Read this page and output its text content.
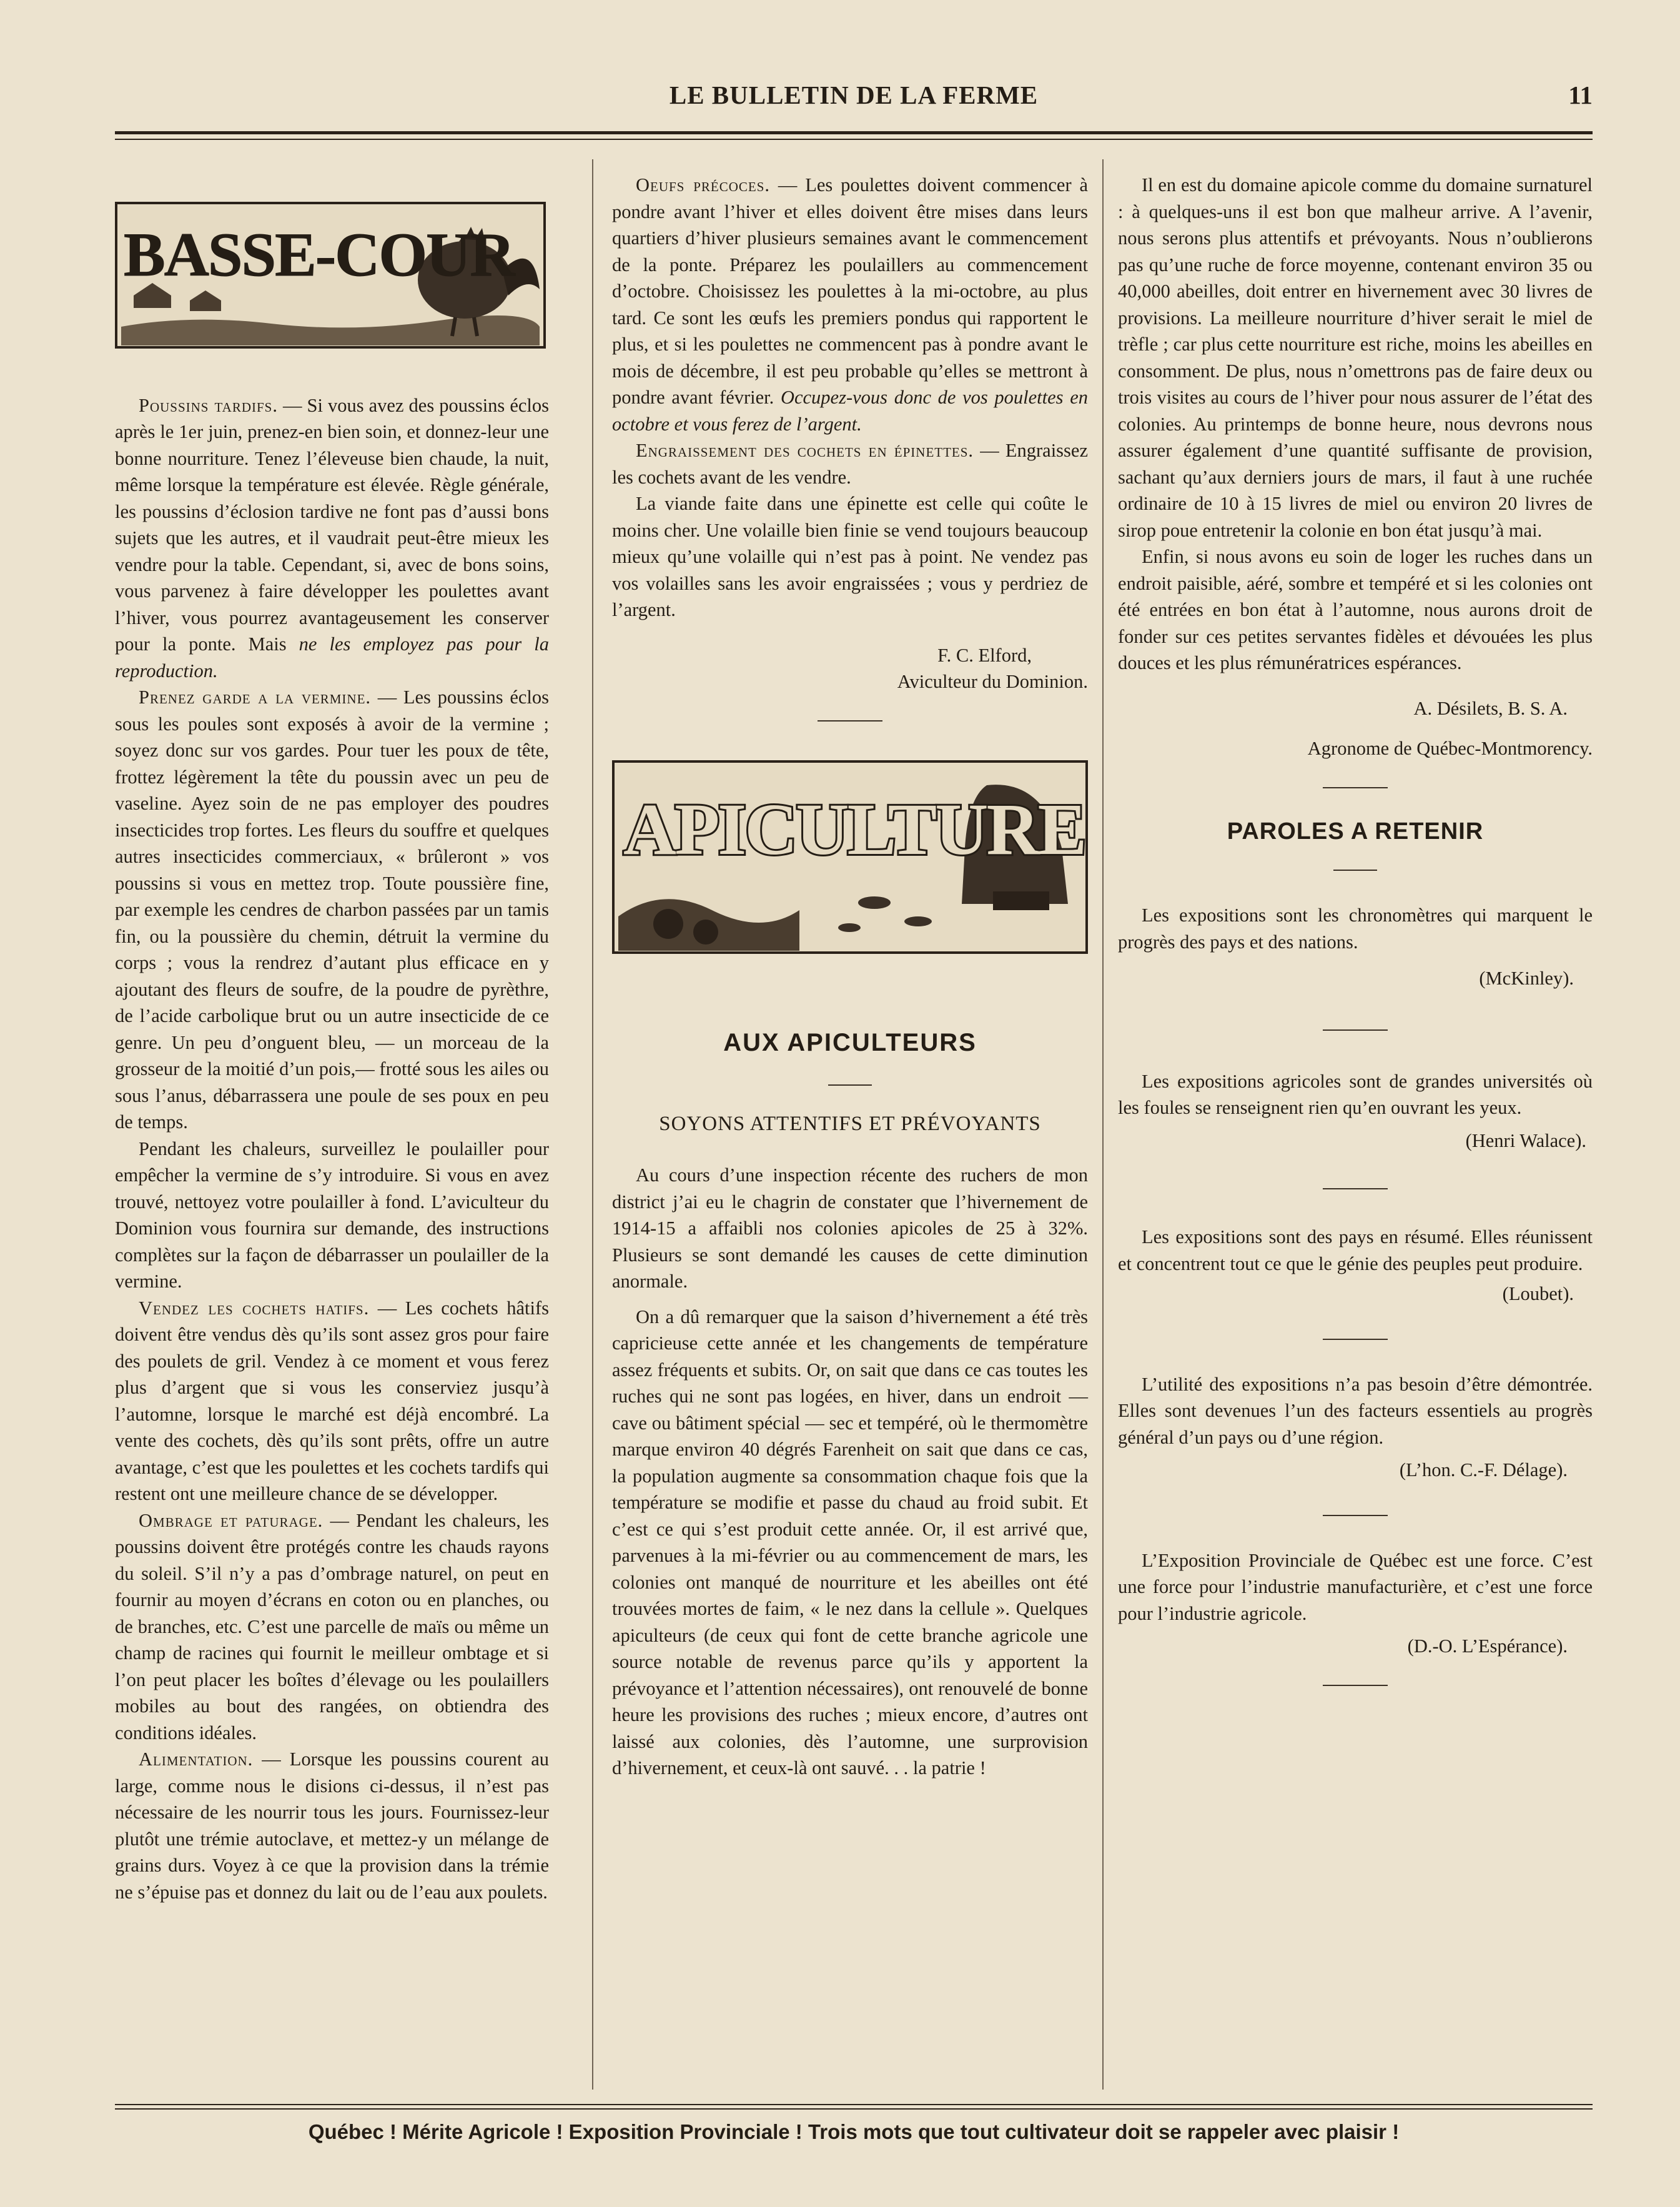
LE BULLETIN DE LA FERME	11
BASSE-COUR

Poussins tardifs. — Si vous avez des poussins éclos après le 1er juin, prenez-en bien soin, et donnez-leur une bonne nourriture. Tenez l’éleveuse bien chaude, la nuit, même lorsque la température est élevée. Règle générale, les poussins d’éclosion tardive ne font pas d’aussi bons sujets que les autres, et il vaudrait peut-être mieux les vendre pour la table. Cependant, si, avec de bons soins, vous parvenez à faire développer les poulettes avant l’hiver, vous pourrez avantageusement les conserver pour la ponte. Mais ne les employez pas pour la reproduction.

Prenez garde a la vermine. — Les poussins éclos sous les poules sont exposés à avoir de la vermine ; soyez donc sur vos gardes. Pour tuer les poux de tête, frottez légèrement la tête du poussin avec un peu de vaseline. Ayez soin de ne pas employer des poudres insecticides trop fortes. Les fleurs du souffre et quelques autres insecticides commerciaux, « brûleront » vos poussins si vous en mettez trop. Toute poussière fine, par exemple les cendres de charbon passées par un tamis fin, ou la poussière du chemin, détruit la vermine du corps ; vous la rendrez d’autant plus efficace en y ajoutant des fleurs de soufre, de la poudre de pyrèthre, de l’acide carbolique brut ou un autre insecticide de ce genre. Un peu d’onguent bleu, — un morceau de la grosseur de la moitié d’un pois,— frotté sous les ailes ou sous l’anus, débarrassera une poule de ses poux en peu de temps.

Pendant les chaleurs, surveillez le poulailler pour empêcher la vermine de s’y introduire. Si vous en avez trouvé, nettoyez votre poulailler à fond. L’aviculteur du Dominion vous fournira sur demande, des instructions complètes sur la façon de débarrasser un poulailler de la vermine.

Vendez les cochets hatifs. — Les cochets hâtifs doivent être vendus dès qu’ils sont assez gros pour faire des poulets de gril. Vendez à ce moment et vous ferez plus d’argent que si vous les conserviez jusqu’à l’automne, lorsque le marché est déjà encombré. La vente des cochets, dès qu’ils sont prêts, offre un autre avantage, c’est que les poulettes et les cochets tardifs qui restent ont une meilleure chance de se développer.

Ombrage et paturage. — Pendant les chaleurs, les poussins doivent être protégés contre les chauds rayons du soleil. S’il n’y a pas d’ombrage naturel, on peut en fournir au moyen d’écrans en coton ou en planches, ou de branches, etc. C’est une parcelle de maïs ou même un champ de racines qui fournit le meilleur ombtage et si l’on peut placer les boîtes d’élevage ou les poulaillers mobiles au bout des rangées, on obtiendra des conditions idéales.

Alimentation. — Lorsque les poussins courent au large, comme nous le disions ci-dessus, il n’est pas nécessaire de les nourrir tous les jours. Fournissez-leur plutôt une trémie autoclave, et mettez-y un mélange de grains durs. Voyez à ce que la provision dans la trémie ne s’épuise pas et donnez du lait ou de l’eau aux poulets.

Oeufs précoces. — Les poulettes doivent commencer à pondre avant l’hiver et elles doivent être mises dans leurs quartiers d’hiver plusieurs semaines avant le commencement de la ponte. Préparez les poulaillers au commencement d’octobre. Choisissez les poulettes à la mi-octobre, au plus tard. Ce sont les œufs les premiers pondus qui rapportent le plus, et si les poulettes ne commencent pas à pondre avant le mois de décembre, il est peu probable qu’elles se mettront à pondre avant février. Occupez-vous donc de vos poulettes en octobre et vous ferez de l’argent.

Engraissement des cochets en épinettes. — Engraissez les cochets avant de les vendre.

La viande faite dans une épinette est celle qui coûte le moins cher. Une volaille bien finie se vend toujours beaucoup mieux qu’une volaille qui n’est pas à point. Ne vendez pas vos volailles sans les avoir engraissées ; vous y perdriez de l’argent.

F. C. Elford,

Aviculteur du Dominion.

APICULTURE
AUX APICULTEURS
SOYONS ATTENTIFS ET PRÉVOYANTS

Au cours d’une inspection récente des ruchers de mon district j’ai eu le chagrin de constater que l’hivernement de 1914-15 a affaibli nos colonies apicoles de 25 à 32%. Plusieurs se sont demandé les causes de cette diminution anormale.

On a dû remarquer que la saison d’hivernement a été très capricieuse cette année et les changements de température assez fréquents et subits. Or, on sait que dans ce cas toutes les ruches qui ne sont pas logées, en hiver, dans un endroit — cave ou bâtiment spécial — sec et tempéré, où le thermomètre marque environ 40 dégrés Farenheit on sait que dans ce cas, la population augmente sa consommation chaque fois que la température se modifie et passe du chaud au froid subit. Et c’est ce qui s’est produit cette année. Or, il est arrivé que, parvenues à la mi-février ou au commencement de mars, les colonies ont manqué de nourriture et les abeilles ont été trouvées mortes de faim, « le nez dans la cellule ». Quelques apiculteurs (de ceux qui font de cette branche agricole une source notable de revenus parce qu’ils y apportent la prévoyance et l’attention nécessaires), ont renouvelé de bonne heure les provisions des ruches ; mieux encore, d’autres ont laissé aux colonies, dès l’automne, une surprovision d’hivernement, et ceux-là ont sauvé. . . la patrie !

Il en est du domaine apicole comme du domaine surnaturel : à quelques-uns il est bon que malheur arrive. A l’avenir, nous serons plus attentifs et prévoyants. Nous n’oublierons pas qu’une ruche de force moyenne, contenant environ 35 ou 40,000 abeilles, doit entrer en hivernement avec 30 livres de provisions. La meilleure nourriture d’hiver serait le miel de trèfle ; car plus cette nourriture est riche, moins les abeilles en consomment. De plus, nous n’omettrons pas de faire deux ou trois visites au cours de l’hiver pour nous assurer de l’état des colonies. Au printemps de bonne heure, nous devrons nous assurer également d’une quantité suffisante de provision, sachant qu’aux derniers jours de mars, il faut à une ruchée ordinaire de 10 à 15 livres de miel ou environ 20 livres de sirop poue entretenir la colonie en bon état jusqu’à mai.

Enfin, si nous avons eu soin de loger les ruches dans un endroit paisible, aéré, sombre et tempéré et si les colonies ont été entrées en bon état à l’automne, nous aurons droit de fonder sur ces petites servantes fidèles et dévouées les plus douces et les plus rémunératrices espérances.

A. Désilets, B. S. A.

Agronome de Québec-Montmorency.

PAROLES A RETENIR

Les expositions sont les chronomètres qui marquent le progrès des pays et des nations.

(McKinley).

Les expositions agricoles sont de grandes universités où les foules se renseignent rien qu’en ouvrant les yeux.

(Henri Walace).

Les expositions sont des pays en résumé. Elles réunissent et concentrent tout ce que le génie des peuples peut produire.

(Loubet).

L’utilité des expositions n’a pas besoin d’être démontrée. Elles sont devenues l’un des facteurs essentiels au progrès général d’un pays ou d’une région.

(L’hon. C.-F. Délage).

L’Exposition Provinciale de Québec est une force. C’est une force pour l’industrie manufacturière, et c’est une force pour l’industrie agricole.

(D.-O. L’Espérance).

Québec ! Mérite Agricole ! Exposition Provinciale ! Trois mots que tout cultivateur doit se rappeler avec plaisir !
